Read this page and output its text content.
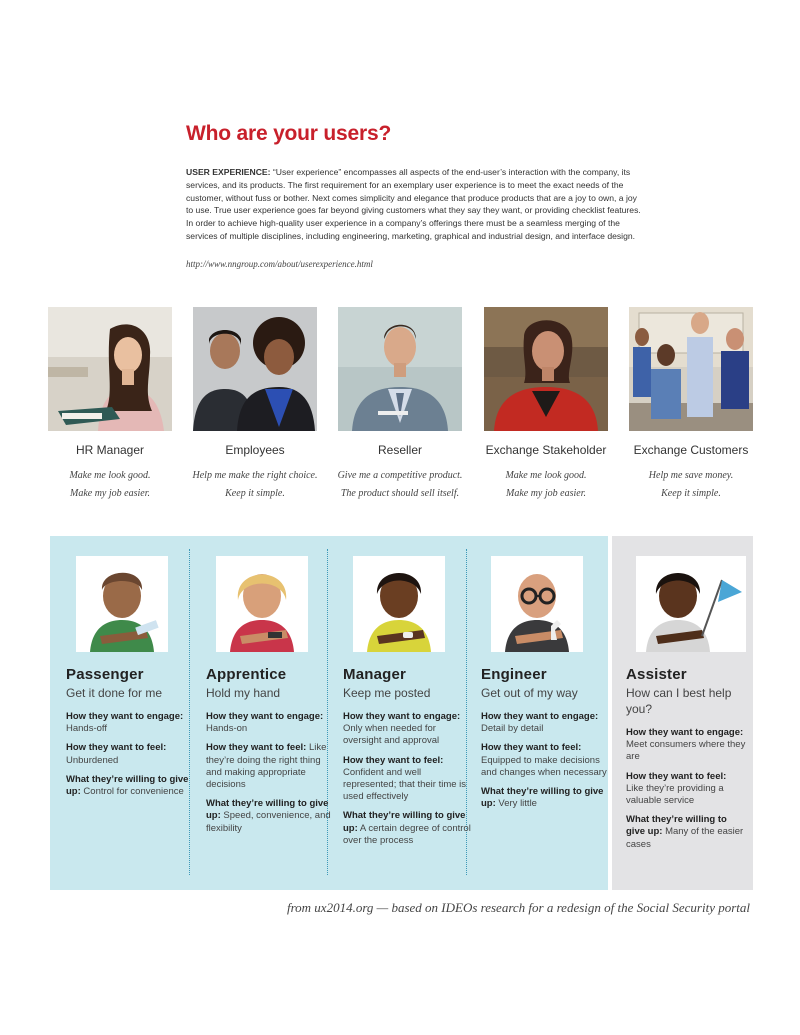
Who are your users?
USER EXPERIENCE: “User experience” encompasses all aspects of the end-user’s interaction with the company, its services, and its products. The first requirement for an exemplary user experience is to meet the exact needs of the customer, without fuss or bother. Next comes simplicity and elegance that produce products that are a joy to own, a joy to use. True user experience goes far beyond giving customers what they say they want, or providing checklist features. In order to achieve high-quality user experience in a company’s offerings there must be a seamless merging of the services of multiple disciplines, including engineering, marketing, graphical and industrial design, and interface design.
http://www.nngroup.com/about/userexperience.html
HR Manager
Make me look good.
Make my job easier.
Employees
Help me make the right choice.
Keep it simple.
Reseller
Give me a competitive product.
The product should sell itself.
Exchange Stakeholder
Make me look good.
Make my job easier.
Exchange Customers
Help me save money.
Keep it simple.
Passenger
Get it done for me
How they want to engage: Hands-off
How they want to feel: Unburdened
What they’re willing to give up: Control for convenience
Apprentice
Hold my hand
How they want to engage: Hands-on
How they want to feel: Like they’re doing the right thing and making appropriate decisions
What they’re willing to give up: Speed, convenience, and flexibility
Manager
Keep me posted
How they want to engage: Only when needed for oversight and approval
How they want to feel: Confident and well represented; that their time is used effectively
What they’re willing to give up: A certain degree of control over the process
Engineer
Get out of my way
How they want to engage: Detail by detail
How they want to feel: Equipped to make decisions and changes when necessary
What they’re willing to give up: Very little
Assister
How can I best help you?
How they want to engage: Meet consumers where they are
How they want to feel: Like they’re providing a valuable service
What they’re willing to give up: Many of the easier cases
from ux2014.org — based on IDEOs research for a redesign of the Social Security portal
